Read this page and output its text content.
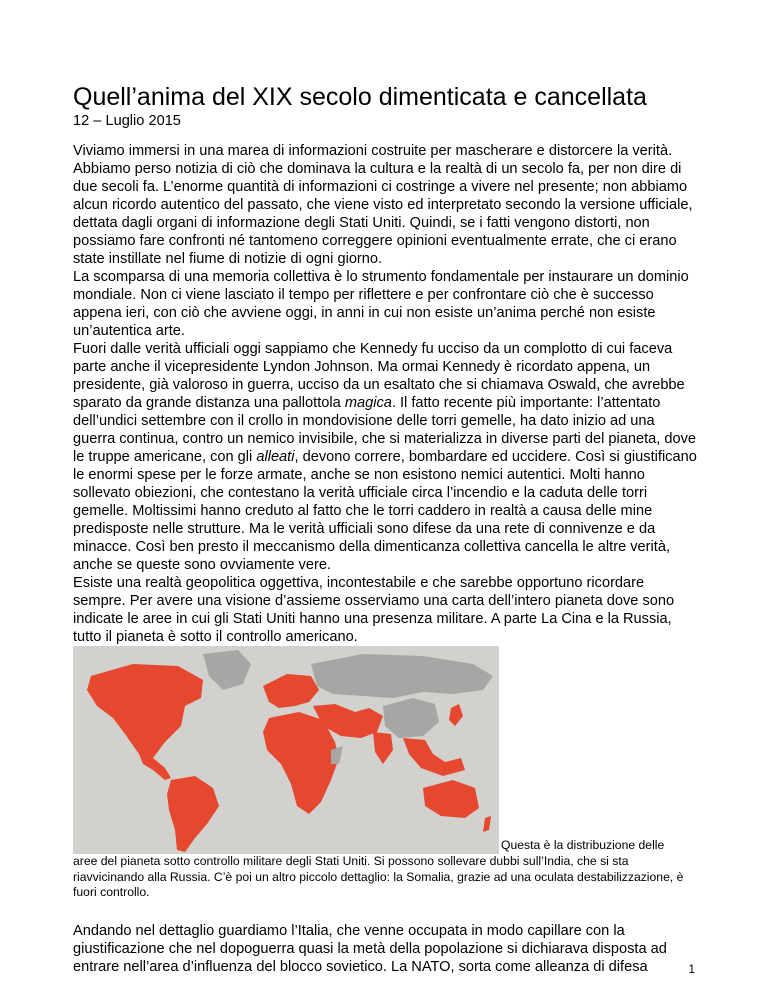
Quell’anima del XIX secolo dimenticata e cancellata
12 – Luglio 2015

Viviamo immersi in una marea di informazioni costruite per mascherare e distorcere la verità. Abbiamo perso notizia di ciò che dominava la cultura e la realtà di un secolo fa, per non dire di due secoli fa. L’enorme quantità di informazioni ci costringe a vivere nel presente; non abbiamo alcun ricordo autentico del passato, che viene visto ed interpretato secondo la versione ufficiale, dettata dagli organi di informazione degli Stati Uniti. Quindi, se i fatti vengono distorti, non possiamo fare confronti né tantomeno correggere opinioni eventualmente errate, che ci erano state instillate nel fiume di notizie di ogni giorno.

La scomparsa di una memoria collettiva è lo strumento fondamentale per instaurare un dominio mondiale. Non ci viene lasciato il tempo per riflettere e per confrontare ciò che è successo appena ieri, con ciò che avviene oggi, in anni in cui non esiste un’anima perché non esiste un’autentica arte.

Fuori dalle verità ufficiali oggi sappiamo che Kennedy fu ucciso da un complotto di cui faceva parte anche il vicepresidente Lyndon Johnson. Ma ormai Kennedy è ricordato appena, un presidente, già valoroso in guerra, ucciso da un esaltato che si chiamava Oswald, che avrebbe sparato da grande distanza una pallottola magica. Il fatto recente più importante: l’attentato dell’undici settembre con il crollo in mondovisione delle torri gemelle, ha dato inizio ad una guerra continua, contro un nemico invisibile, che si materializza in diverse parti del pianeta, dove le truppe americane, con gli alleati, devono correre, bombardare ed uccidere. Così si giustificano le enormi spese per le forze armate, anche se non esistono nemici autentici. Molti hanno sollevato obiezioni, che contestano la verità ufficiale circa l’incendio e la caduta delle torri gemelle. Moltissimi hanno creduto al fatto che le torri caddero in realtà a causa delle mine predisposte nelle strutture. Ma le verità ufficiali sono difese da una rete di connivenze e da minacce. Così ben presto il meccanismo della dimenticanza collettiva cancella le altre verità, anche se queste sono ovviamente vere.

Esiste una realtà geopolitica oggettiva, incontestabile e che sarebbe opportuno ricordare sempre. Per avere una visione d’assieme osserviamo una carta dell’intero pianeta dove sono indicate le aree in cui gli Stati Uniti hanno una presenza militare. A parte La Cina e la Russia, tutto il pianeta è sotto il controllo americano.

Questa è la distribuzione delle
aree del pianeta sotto controllo militare degli Stati Uniti. Si possono sollevare dubbi sull’India, che si sta riavvicinando alla Russia. C’è poi un altro piccolo dettaglio: la Somalia, grazie ad una oculata destabilizzazione, è fuori controllo.

Andando nel dettaglio guardiamo l’Italia, che venne occupata in modo capillare con la giustificazione che nel dopoguerra quasi la metà della popolazione si dichiarava disposta ad entrare nell’area d’influenza del blocco sovietico. La NATO, sorta come alleanza di difesa	1
